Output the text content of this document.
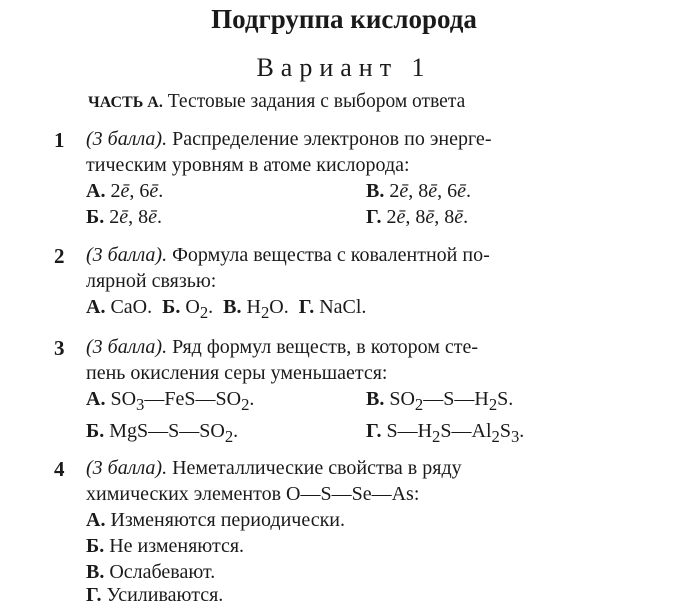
Подгруппа кислорода
Вариант 1
ЧАСТЬ А. Тестовые задания с выбором ответа
1 (3 балла). Распределение электронов по энерге-
тическим уровням в атоме кислорода:
А. 2ē, 6ē.	В. 2ē, 8ē, 6ē.
Б. 2ē, 8ē.	Г. 2ē, 8ē, 8ē.
2 (3 балла). Формула вещества с ковалентной по-
лярной связью:
А. CaO. Б. $O_2$. В. $H_2O$. Г. NaCl.
3 (3 балла). Ряд формул веществ, в котором сте-
пень окисления серы уменьшается:
А. $SO_3—FeS—SO_2$.	В. $SO_2—S—H_2S$.
Б. $MgS—S—SO_2$.	Г. $S—H_2S—Al_2S_3$.
4 (3 балла). Неметаллические свойства в ряду
химических элементов O—S—Se—As:
А. Изменяются периодически.
Б. Не изменяются.
В. Ослабевают.
Г. Усиливаются.
